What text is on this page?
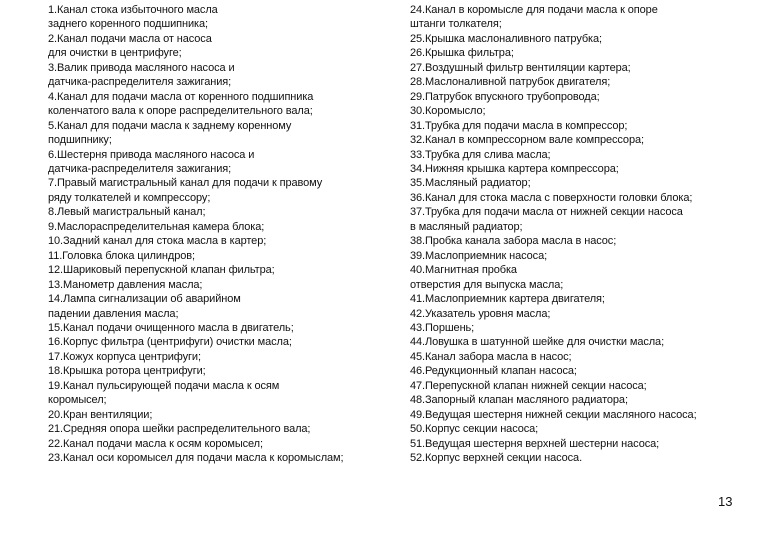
1.Канал стока избыточного масла
заднего коренного подшипника;
2.Канал подачи масла от насоса
для очистки в центрифуге;
3.Валик привода масляного насоса и
датчика-распределителя зажигания;
4.Канал для подачи масла от коренного подшипника
коленчатого вала к опоре распределительного вала;
5.Канал для подачи масла к заднему коренному
подшипнику;
6.Шестерня привода масляного насоса и
датчика-распределителя зажигания;
7.Правый магистральный канал для подачи к правому
ряду толкателей и компрессору;
8.Левый магистральный канал;
9.Маслораспределительная камера блока;
10.Задний канал для стока масла в картер;
11.Головка блока цилиндров;
12.Шариковый перепускной клапан фильтра;
13.Манометр давления масла;
14.Лампа сигнализации об аварийном
падении давления масла;
15.Канал подачи очищенного масла в двигатель;
16.Корпус фильтра (центрифуги) очистки масла;
17.Кожух корпуса центрифуги;
18.Крышка ротора центрифуги;
19.Канал пульсирующей подачи масла к осям
коромысел;
20.Кран вентиляции;
21.Средняя опора шейки распределительного вала;
22.Канал подачи масла к осям коромысел;
23.Канал оси коромысел для подачи масла к коромыслам;
24.Канал в коромысле для подачи масла к опоре
штанги толкателя;
25.Крышка маслоналивного патрубка;
26.Крышка фильтра;
27.Воздушный фильтр вентиляции картера;
28.Маслоналивной патрубок двигателя;
29.Патрубок впускного трубопровода;
30.Коромысло;
31.Трубка для подачи масла в компрессор;
32.Канал в компрессорном вале компрессора;
33.Трубка для слива масла;
34.Нижняя крышка картера компрессора;
35.Масляный радиатор;
36.Канал для стока масла с поверхности головки блока;
37.Трубка для подачи масла от нижней секции насоса
в масляный радиатор;
38.Пробка канала забора масла в насос;
39.Маслоприемник насоса;
40.Магнитная пробка
отверстия для выпуска масла;
41.Маслоприемник картера двигателя;
42.Указатель уровня масла;
43.Поршень;
44.Ловушка в шатунной шейке для очистки масла;
45.Канал забора масла в насос;
46.Редукционный клапан насоса;
47.Перепускной клапан нижней секции насоса;
48.Запорный клапан масляного радиатора;
49.Ведущая шестерня нижней секции масляного насоса;
50.Корпус секции насоса;
51.Ведущая шестерня верхней шестерни насоса;
52.Корпус верхней секции насоса.
13
